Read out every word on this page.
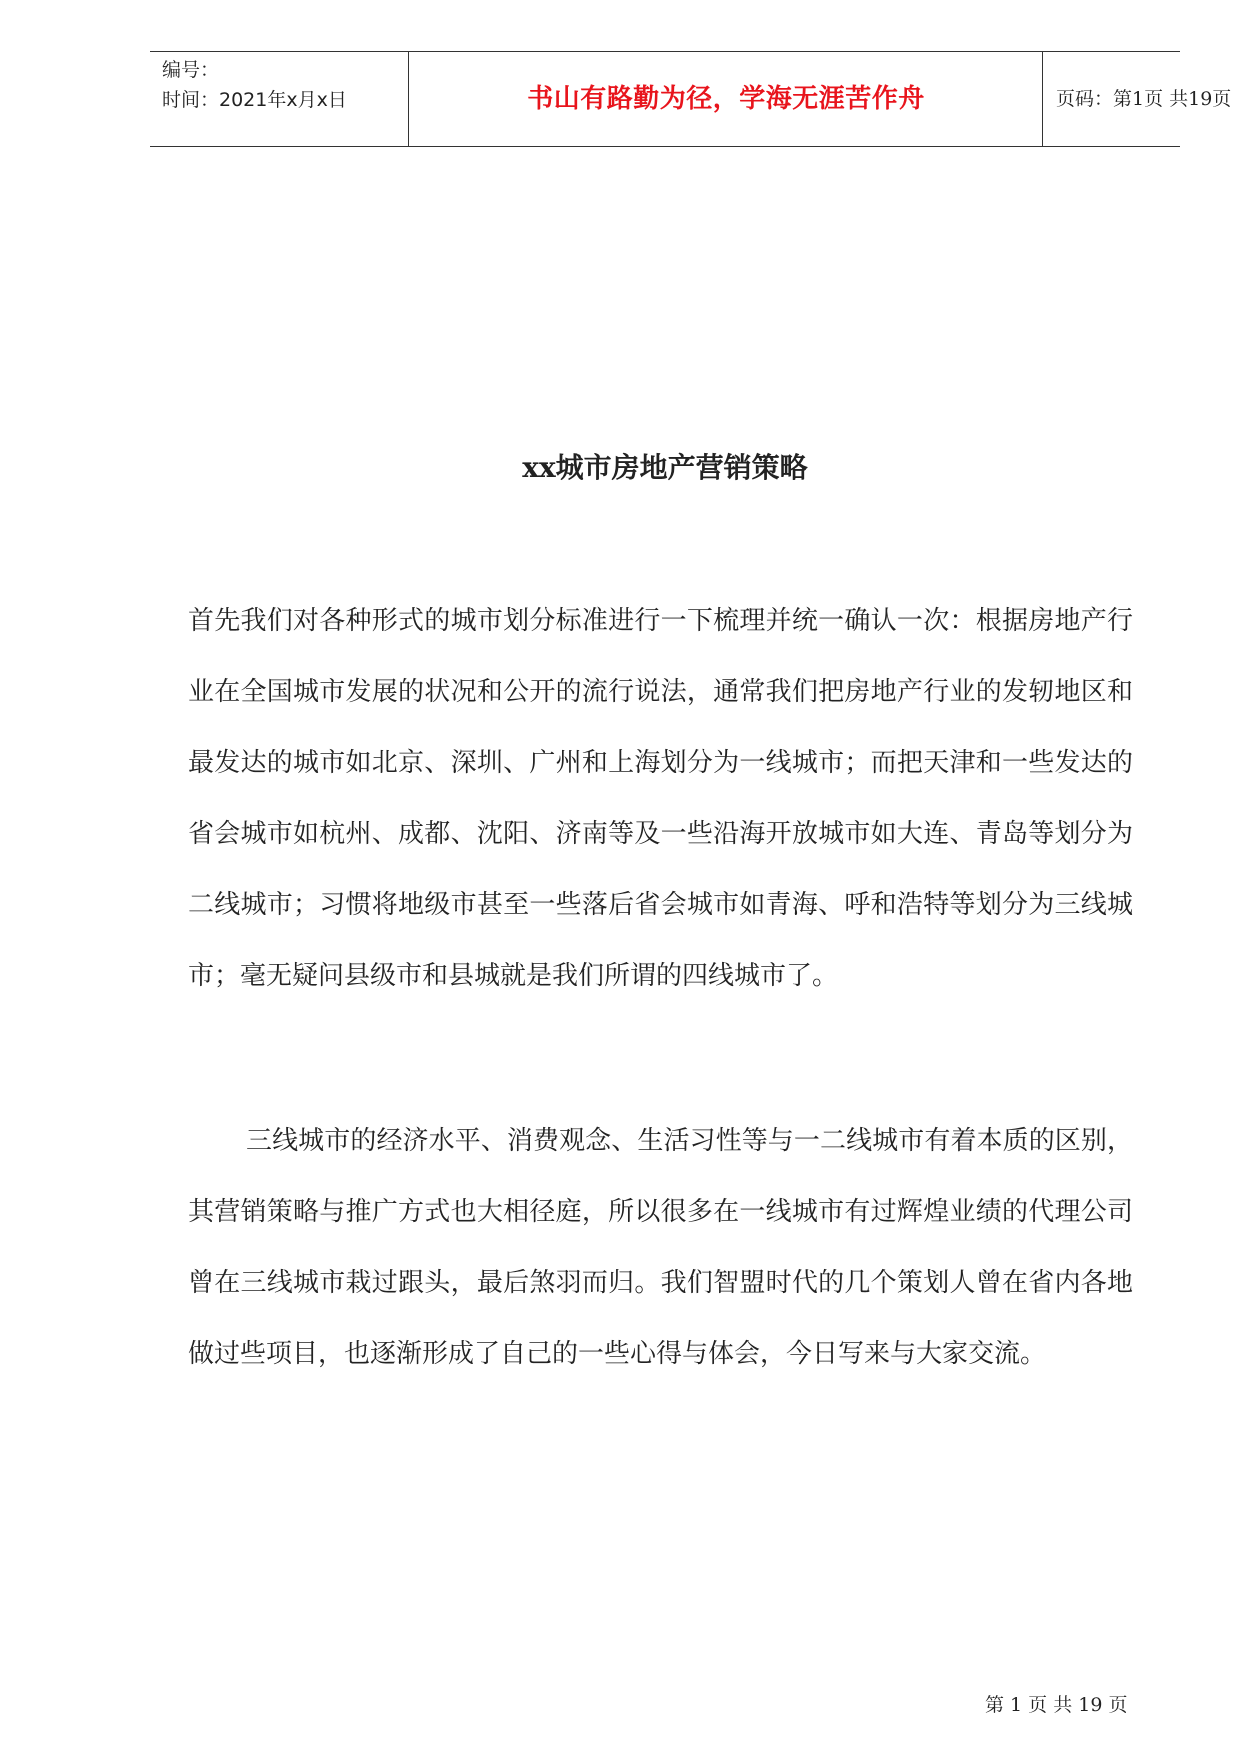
编号：
时间：2021年x月x日	书山有路勤为径，学海无涯苦作舟	页码：第1页 共19页
xx城市房地产营销策略

首先我们对各种形式的城市划分标准进行一下梳理并统一确认一次：根据房地产行业在全国城市发展的状况和公开的流行说法，通常我们把房地产行业的发轫地区和最发达的城市如北京、深圳、广州和上海划分为一线城市；而把天津和一些发达的省会城市如杭州、成都、沈阳、济南等及一些沿海开放城市如大连、青岛等划分为二线城市；习惯将地级市甚至一些落后省会城市如青海、呼和浩特等划分为三线城市；毫无疑问县级市和县城就是我们所谓的四线城市了。

三线城市的经济水平、消费观念、生活习性等与一二线城市有着本质的区别，其营销策略与推广方式也大相径庭，所以很多在一线城市有过辉煌业绩的代理公司曾在三线城市栽过跟头，最后煞羽而归。我们智盟时代的几个策划人曾在省内各地做过些项目，也逐渐形成了自己的一些心得与体会，今日写来与大家交流。

第 1 页 共 19 页
